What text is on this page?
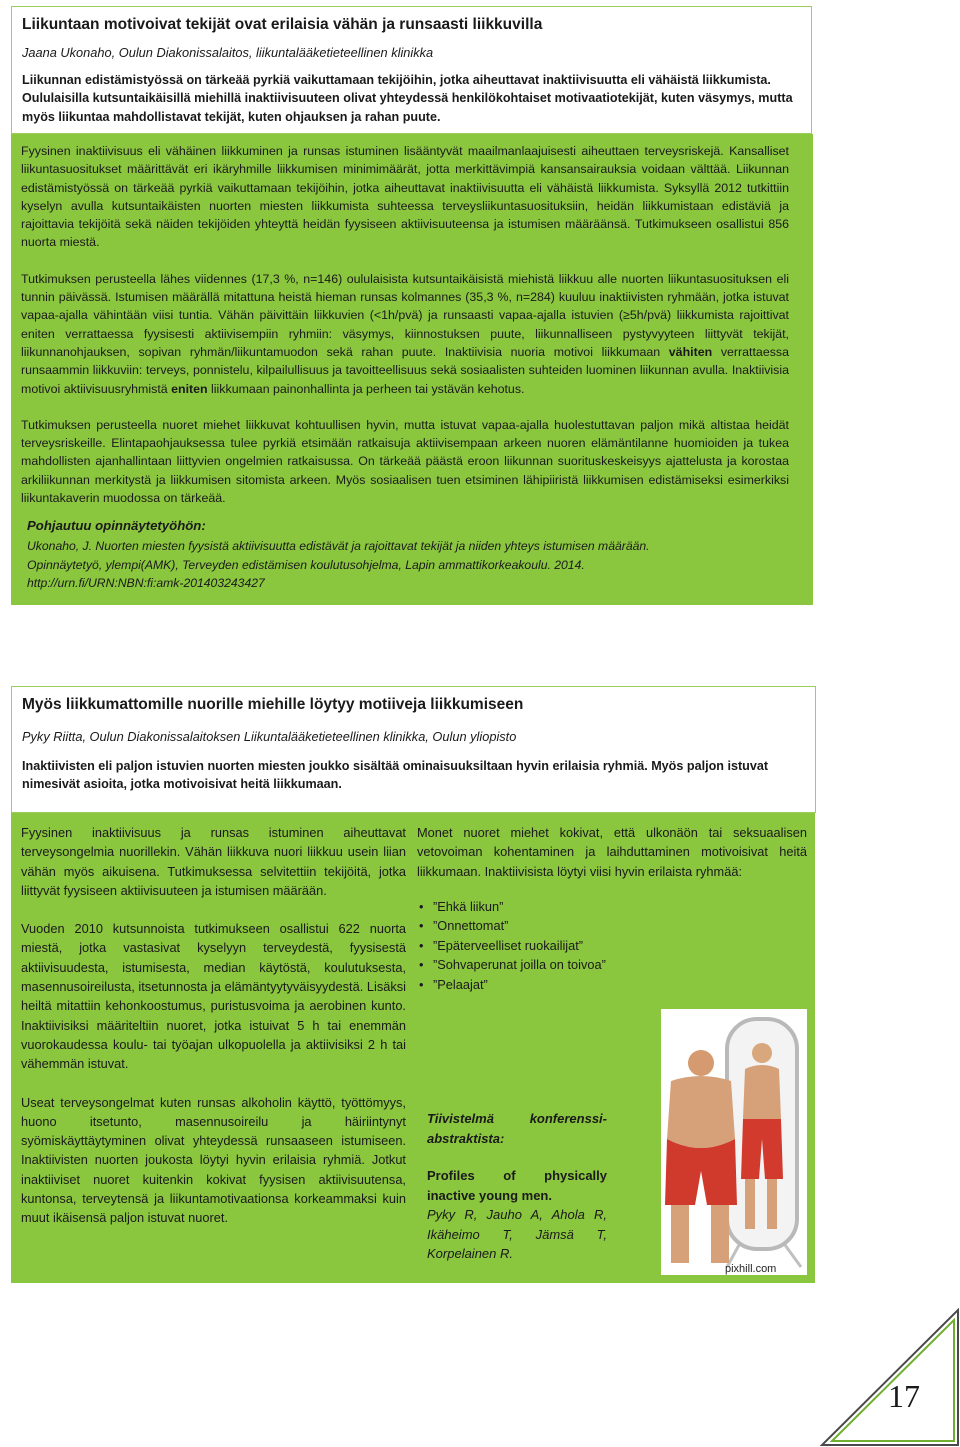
Liikuntaan motivoivat tekijät ovat erilaisia vähän ja runsaasti liikkuvilla
Jaana Ukonaho, Oulun Diakonissalaitos, liikuntalääketieteellinen klinikka

Liikunnan edistämistyössä on tärkeää pyrkiä vaikuttamaan tekijöihin, jotka aiheuttavat inaktiivisuutta eli vähäistä liikkumista. Oululaisilla kutsuntaikäisillä miehillä inaktiivisuuteen olivat yhteydessä henkilökohtaiset motivaatiotekijät, kuten väsymys, mutta myös liikuntaa mahdollistavat tekijät, kuten ohjauksen ja rahan puute.

Fyysinen inaktiivisuus eli vähäinen liikkuminen ja runsas istuminen lisääntyvät maailmanlaajuisesti aiheuttaen terveysriskejä. Kansalliset liikuntasuositukset määrittävät eri ikäryhmille liikkumisen minimimäärät, jotta merkittävimpiä kansansairauksia voidaan välttää. Liikunnan edistämistyössä on tärkeää pyrkiä vaikuttamaan tekijöihin, jotka aiheuttavat inaktiivisuutta eli vähäistä liikkumista. Syksyllä 2012 tutkittiin kyselyn avulla kutsuntaikäisten nuorten miesten liikkumista suhteessa terveysliikuntasuosituksiin, heidän liikkumistaan edistäviä ja rajoittavia tekijöitä sekä näiden tekijöiden yhteyttä heidän fyysiseen aktiivisuuteensa ja istumisen määräänsä. Tutkimukseen osallistui 856 nuorta miestä.

Tutkimuksen perusteella lähes viidennes (17,3 %, n=146) oululaisista kutsuntaikäisistä miehistä liikkuu alle nuorten liikuntasuosituksen eli tunnin päivässä. Istumisen määrällä mitattuna heistä hieman runsas kolmannes (35,3 %, n=284) kuuluu inaktiivisten ryhmään, jotka istuvat vapaa-ajalla vähintään viisi tuntia. Vähän päivittäin liikkuvien (<1h/pvä) ja runsaasti vapaa-ajalla istuvien (≥5h/pvä) liikkumista rajoittivat eniten verrattaessa fyysisesti aktiivisempiin ryhmiin: väsymys, kiinnostuksen puute, liikunnalliseen pystyvyyteen liittyvät tekijät, liikunnanohjauksen, sopivan ryhmän/liikuntamuodon sekä rahan puute. Inaktiivisia nuoria motivoi liikkumaan vähiten verrattaessa runsaammin liikkuviin: terveys, ponnistelu, kilpailullisuus ja tavoitteellisuus sekä sosiaalisten suhteiden luominen liikunnan avulla. Inaktiivisia motivoi aktiivisuusryhmistä eniten liikkumaan painonhallinta ja perheen tai ystävän kehotus.

Tutkimuksen perusteella nuoret miehet liikkuvat kohtuullisen hyvin, mutta istuvat vapaa-ajalla huolestuttavan paljon mikä altistaa heidät terveysriskeille. Elintapaohjauksessa tulee pyrkiä etsimään ratkaisuja aktiivisempaan arkeen nuoren elämäntilanne huomioiden ja tukea mahdollisten ajanhallintaan liittyvien ongelmien ratkaisussa. On tärkeää päästä eroon liikunnan suorituskeskeisyys ajattelusta ja korostaa arkiliikunnan merkitystä ja liikkumisen sitomista arkeen. Myös sosiaalisen tuen etsiminen lähipiiristä liikkumisen edistämiseksi esimerkiksi liikuntakaverin muodossa on tärkeää.

Pohjautuu opinnäytetyöhön:
Ukonaho, J. Nuorten miesten fyysistä aktiivisuutta edistävät ja rajoittavat tekijät ja niiden yhteys istumisen määrään.
Opinnäytetyö, ylempi(AMK), Terveyden edistämisen koulutusohjelma, Lapin ammattikorkeakoulu. 2014.
http://urn.fi/URN:NBN:fi:amk-201403243427
Myös liikkumattomille nuorille miehille löytyy motiiveja liikkumiseen
Pyky Riitta, Oulun Diakonissalaitoksen Liikuntalääketieteellinen klinikka, Oulun yliopisto

Inaktiivisten eli paljon istuvien nuorten miesten joukko sisältää ominaisuuksiltaan hyvin erilaisia ryhmiä. Myös paljon istuvat nimesivät asioita, jotka motivoisivat heitä liikkumaan.

Fyysinen inaktiivisuus ja runsas istuminen aiheuttavat terveysongelmia nuorillekin. Vähän liikkuva nuori liikkuu usein liian vähän myös aikuisena. Tutkimuksessa selvitettiin tekijöitä, jotka liittyvät fyysiseen aktiivisuuteen ja istumisen määrään.

Vuoden 2010 kutsunnoista tutkimukseen osallistui 622 nuorta miestä, jotka vastasivat kyselyyn terveydestä, fyysisestä aktiivisuudesta, istumisesta, median käytöstä, koulutuksesta, masennusoireilusta, itsetunnosta ja elämäntyytyväisyydestä. Lisäksi heiltä mitattiin kehonkoostumus, puristusvoima ja aerobinen kunto. Inaktiivisiksi määriteltiin nuoret, jotka istuivat 5 h tai enemmän vuorokaudessa koulu- tai työajan ulkopuolella ja aktiivisiksi 2 h tai vähemmän istuvat.

Useat terveysongelmat kuten runsas alkoholin käyttö, työttömyys, huono itsetunto, masennusoireilu ja häiriintynyt syömiskäyttäytyminen olivat yhteydessä runsaaseen istumiseen. Inaktiivisten nuorten joukosta löytyi hyvin erilaisia ryhmiä. Jotkut inaktiiviset nuoret kuitenkin kokivat fyysisen aktiivisuutensa, kuntonsa, terveytensä ja liikuntamotivaationsa korkeammaksi kuin muut ikäisensä paljon istuvat nuoret.

Monet nuoret miehet kokivat, että ulkonäön tai seksuaalisen vetovoiman kohentaminen ja laihduttaminen motivoisivat heitä liikkumaan. Inaktiivisista löytyi viisi hyvin erilaista ryhmää:

• ”Ehkä liikun”
• ”Onnettomat”
• ”Epäterveelliset ruokailijat”
• ”Sohvaperunat joilla on toivoa”
• ”Pelaajat”
Tiivistelmä konferenssi-abstraktista:
Profiles of physically inactive young men.
Pyky R, Jauho A, Ahola R, Ikäheimo T, Jämsä T, Korpelainen R.
pixhill.com
17
